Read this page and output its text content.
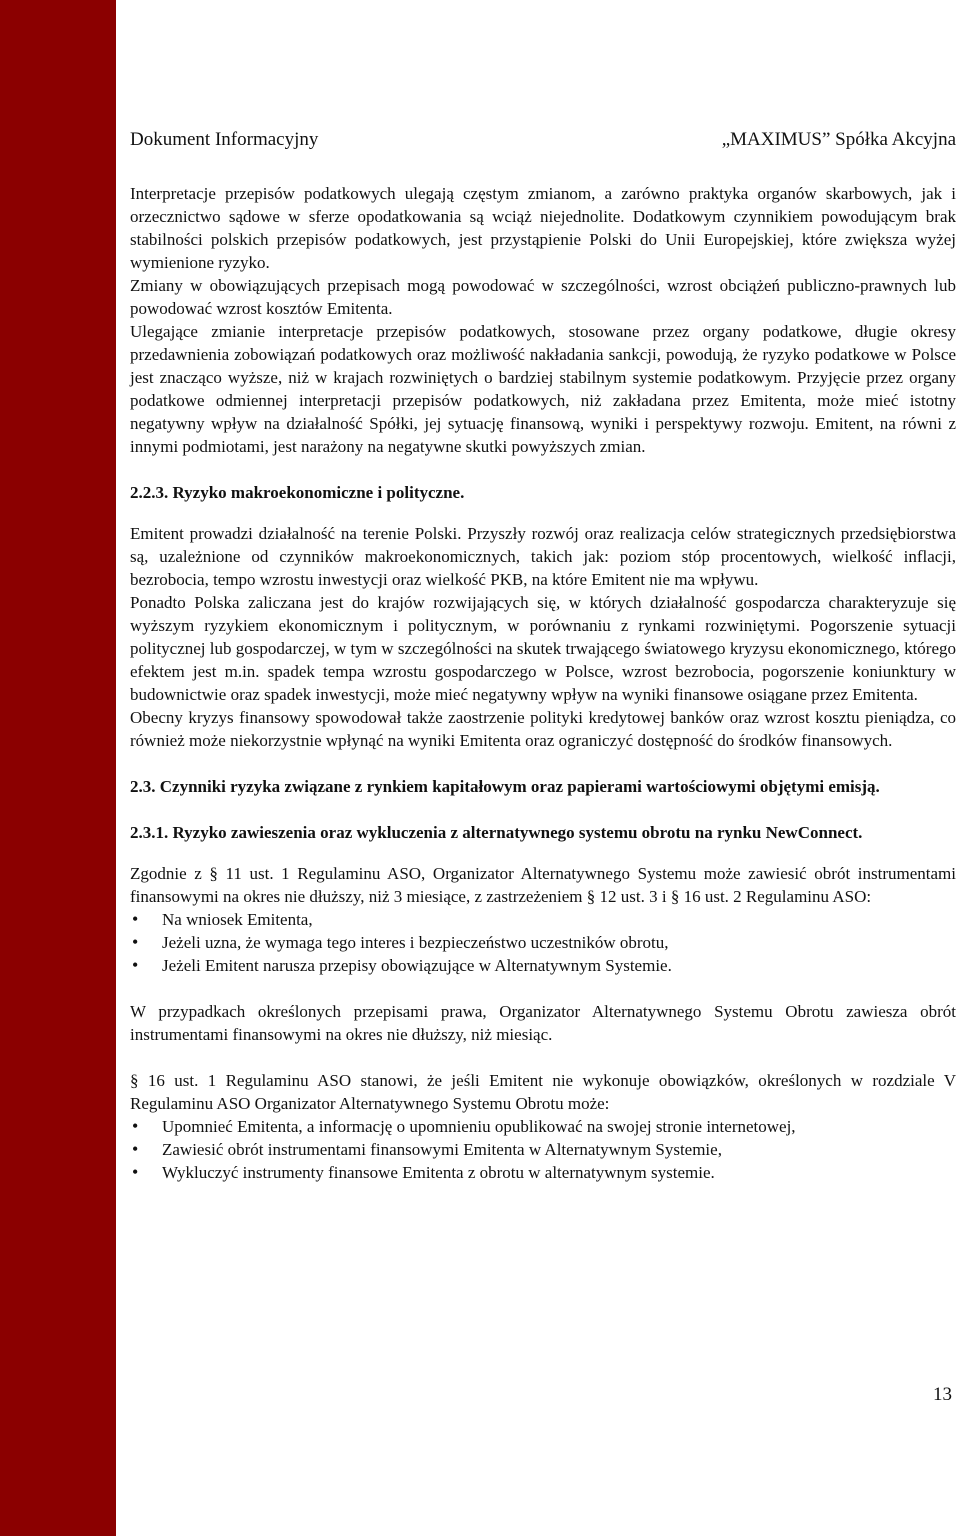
Dokument Informacyjny	„MAXIMUS” Spółka Akcyjna

Interpretacje przepisów podatkowych ulegają częstym zmianom, a zarówno praktyka organów skarbowych, jak i orzecznictwo sądowe w sferze opodatkowania są wciąż niejednolite. Dodatkowym czynnikiem powodującym brak stabilności polskich przepisów podatkowych, jest przystąpienie Polski do Unii Europejskiej, które zwiększa wyżej wymienione ryzyko.

Zmiany w obowiązujących przepisach mogą powodować w szczególności, wzrost obciążeń publiczno-prawnych lub powodować wzrost kosztów Emitenta.

Ulegające zmianie interpretacje przepisów podatkowych, stosowane przez organy podatkowe, długie okresy przedawnienia zobowiązań podatkowych oraz możliwość nakładania sankcji, powodują, że ryzyko podatkowe w Polsce jest znacząco wyższe, niż w krajach rozwiniętych o bardziej stabilnym systemie podatkowym. Przyjęcie przez organy podatkowe odmiennej interpretacji przepisów podatkowych, niż zakładana przez Emitenta, może mieć istotny negatywny wpływ na działalność Spółki, jej sytuację finansową, wyniki i perspektywy rozwoju. Emitent, na równi z innymi podmiotami, jest narażony na negatywne skutki powyższych zmian.

2.2.3. Ryzyko makroekonomiczne i polityczne.

Emitent prowadzi działalność na terenie Polski. Przyszły rozwój oraz realizacja celów strategicznych przedsiębiorstwa są, uzależnione od czynników makroekonomicznych, takich jak: poziom stóp procentowych, wielkość inflacji, bezrobocia, tempo wzrostu inwestycji oraz wielkość PKB, na które Emitent nie ma wpływu.

Ponadto Polska zaliczana jest do krajów rozwijających się, w których działalność gospodarcza charakteryzuje się wyższym ryzykiem ekonomicznym i politycznym, w porównaniu z rynkami rozwiniętymi. Pogorszenie sytuacji politycznej lub gospodarczej, w tym w szczególności na skutek trwającego światowego kryzysu ekonomicznego, którego efektem jest m.in. spadek tempa wzrostu gospodarczego w Polsce, wzrost bezrobocia, pogorszenie koniunktury w budownictwie oraz spadek inwestycji, może mieć negatywny wpływ na wyniki finansowe osiągane przez Emitenta.

Obecny kryzys finansowy spowodował także zaostrzenie polityki kredytowej banków oraz wzrost kosztu pieniądza, co również może niekorzystnie wpłynąć na wyniki Emitenta oraz ograniczyć dostępność do środków finansowych.

2.3. Czynniki ryzyka związane z rynkiem kapitałowym oraz papierami wartościowymi objętymi emisją.

2.3.1. Ryzyko zawieszenia oraz wykluczenia z alternatywnego systemu obrotu na rynku NewConnect.

Zgodnie z § 11 ust. 1 Regulaminu ASO, Organizator Alternatywnego Systemu może zawiesić obrót instrumentami finansowymi na okres nie dłuższy, niż 3 miesiące, z zastrzeżeniem § 12 ust. 3 i § 16 ust. 2 Regulaminu ASO:

• Na wniosek Emitenta,
• Jeżeli uzna, że wymaga tego interes i bezpieczeństwo uczestników obrotu,
• Jeżeli Emitent narusza przepisy obowiązujące w Alternatywnym Systemie.

W przypadkach określonych przepisami prawa, Organizator Alternatywnego Systemu Obrotu zawiesza obrót instrumentami finansowymi na okres nie dłuższy, niż miesiąc.

§ 16 ust. 1 Regulaminu ASO stanowi, że jeśli Emitent nie wykonuje obowiązków, określonych w rozdziale V Regulaminu ASO Organizator Alternatywnego Systemu Obrotu może:

• Upomnieć Emitenta, a informację o upomnieniu opublikować na swojej stronie internetowej,
• Zawiesić obrót instrumentami finansowymi Emitenta w Alternatywnym Systemie,
• Wykluczyć instrumenty finansowe Emitenta z obrotu w alternatywnym systemie.
13
